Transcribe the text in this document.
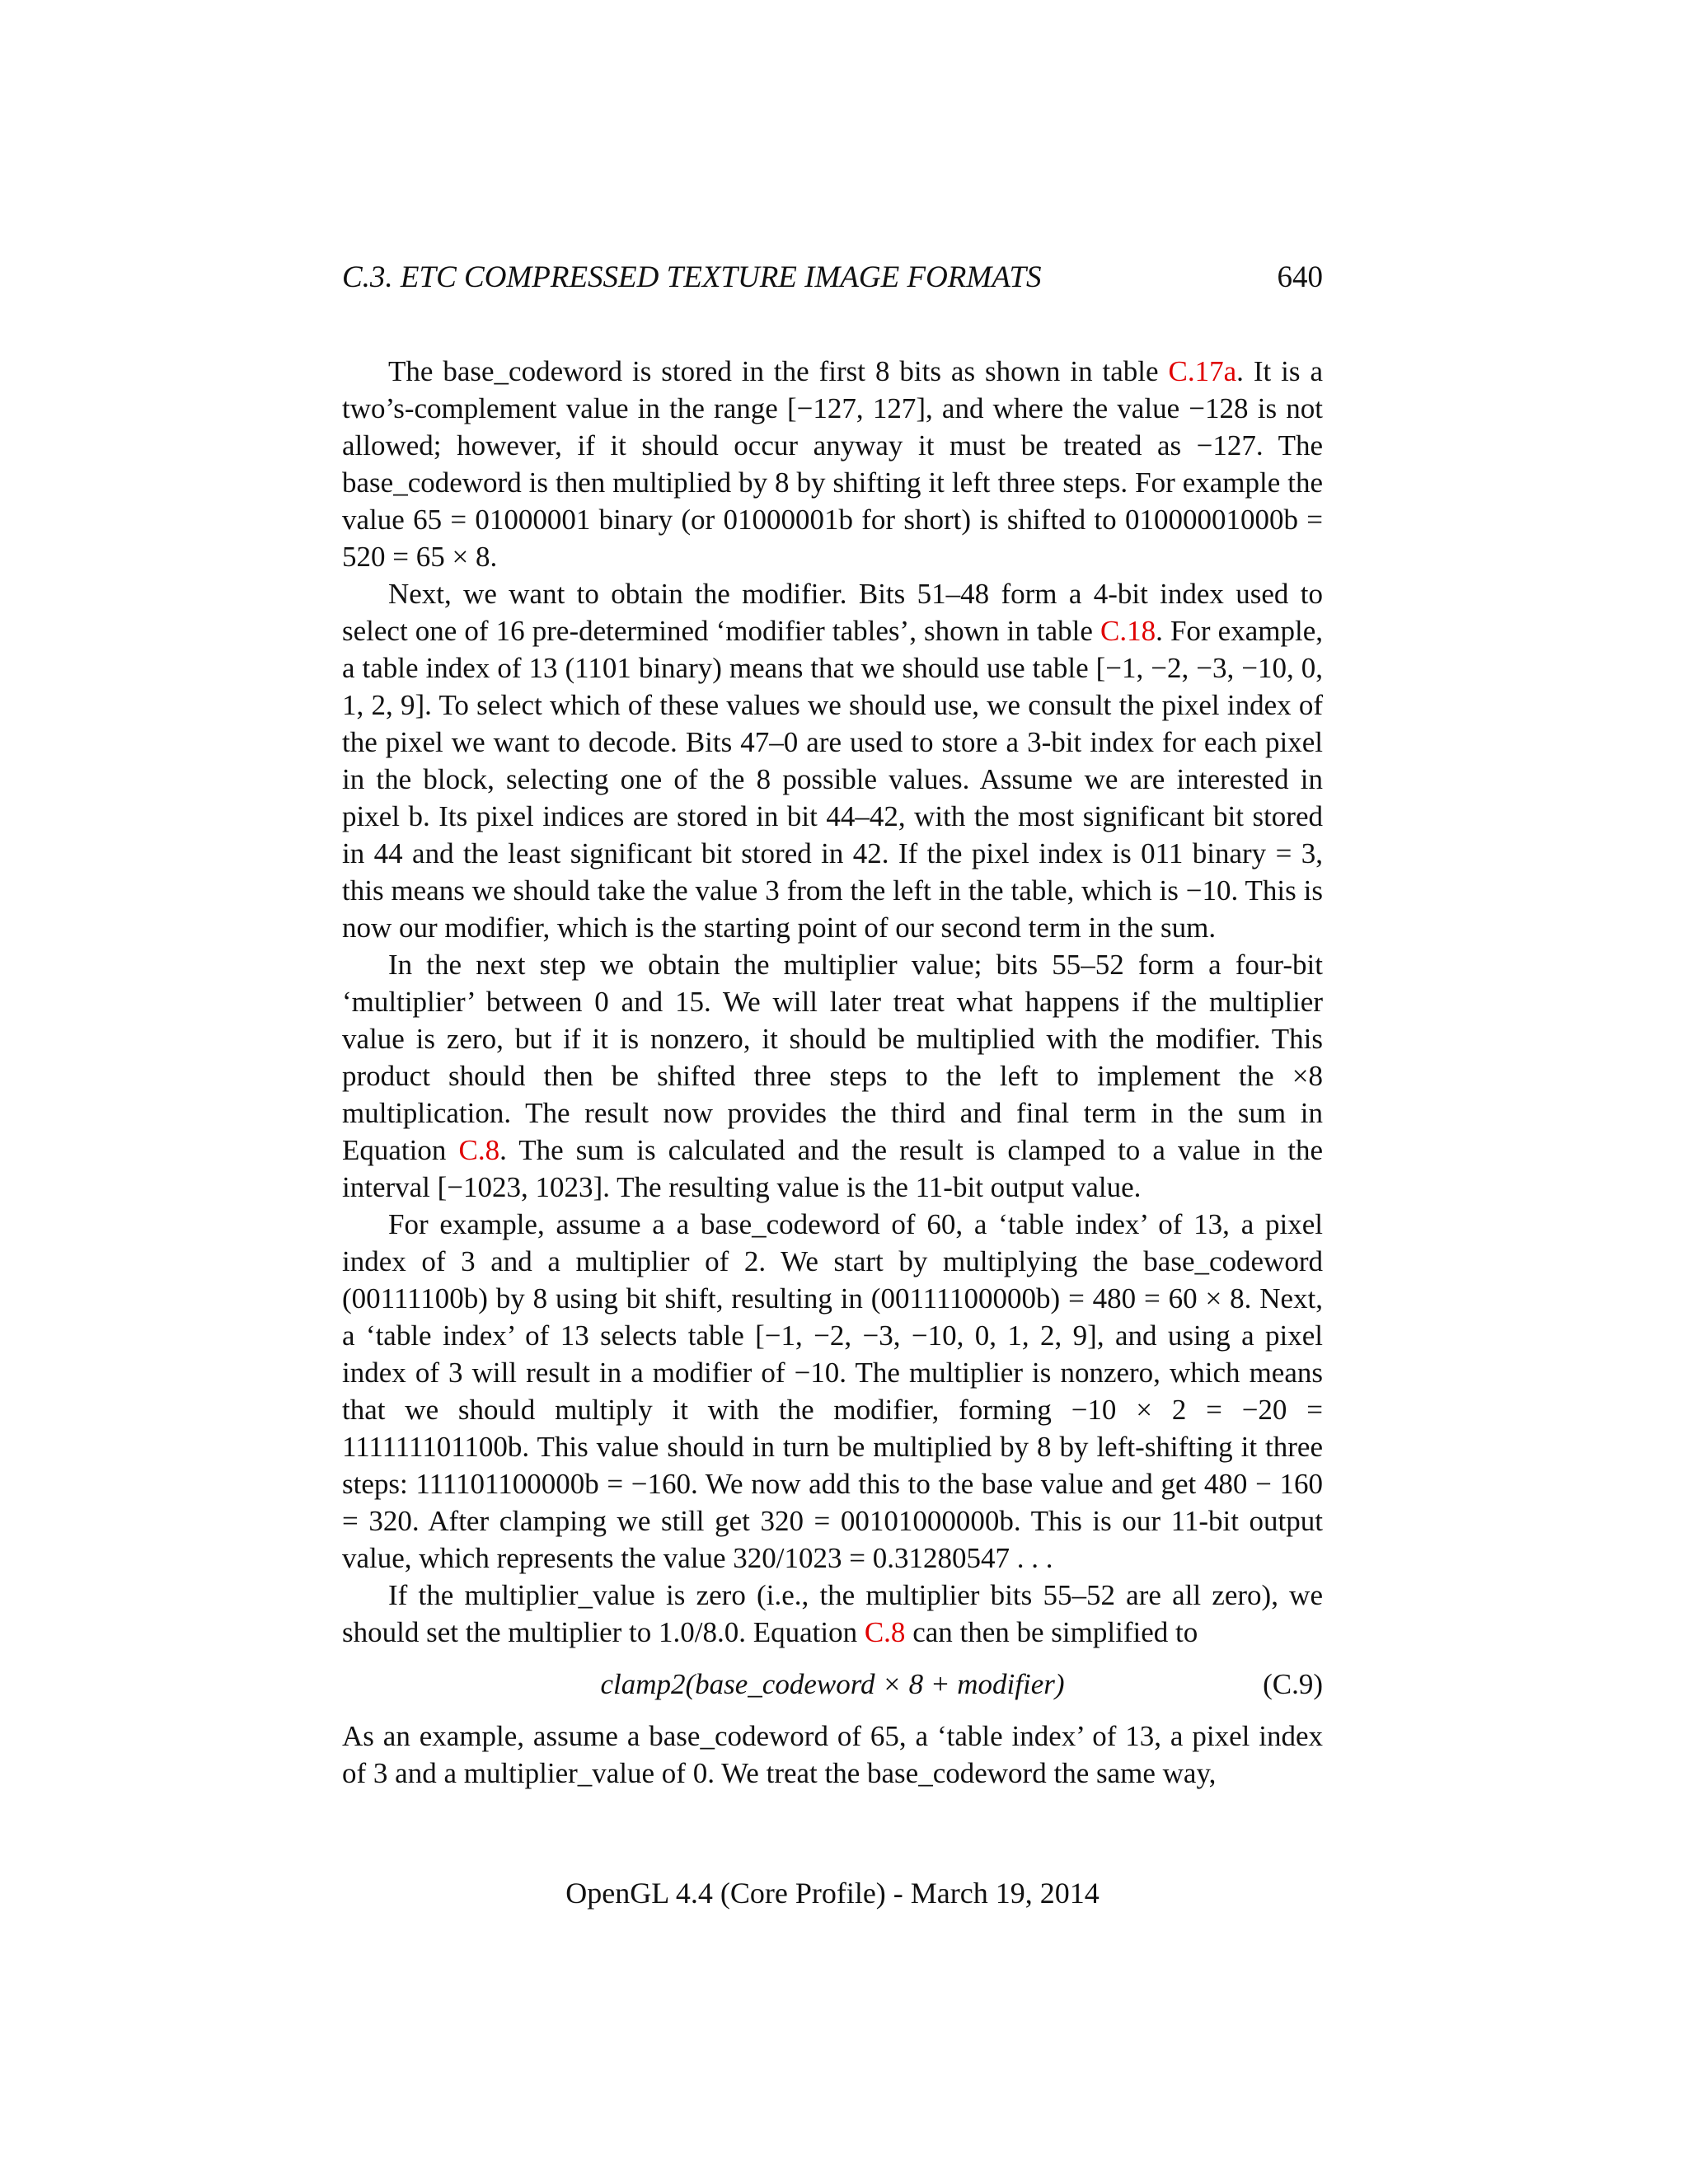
C.3. ETC COMPRESSED TEXTURE IMAGE FORMATS	640

The base_codeword is stored in the first 8 bits as shown in table C.17a. It is a two’s-complement value in the range [−127, 127], and where the value −128 is not allowed; however, if it should occur anyway it must be treated as −127. The base_codeword is then multiplied by 8 by shifting it left three steps. For example the value 65 = 01000001 binary (or 01000001b for short) is shifted to 01000001000b = 520 = 65 × 8.

Next, we want to obtain the modifier. Bits 51–48 form a 4-bit index used to select one of 16 pre-determined ‘modifier tables’, shown in table C.18. For example, a table index of 13 (1101 binary) means that we should use table [−1, −2, −3, −10, 0, 1, 2, 9]. To select which of these values we should use, we consult the pixel index of the pixel we want to decode. Bits 47–0 are used to store a 3-bit index for each pixel in the block, selecting one of the 8 possible values. Assume we are interested in pixel b. Its pixel indices are stored in bit 44–42, with the most significant bit stored in 44 and the least significant bit stored in 42. If the pixel index is 011 binary = 3, this means we should take the value 3 from the left in the table, which is −10. This is now our modifier, which is the starting point of our second term in the sum.

In the next step we obtain the multiplier value; bits 55–52 form a four-bit ‘multiplier’ between 0 and 15. We will later treat what happens if the multiplier value is zero, but if it is nonzero, it should be multiplied with the modifier. This product should then be shifted three steps to the left to implement the ×8 multiplication. The result now provides the third and final term in the sum in Equation C.8. The sum is calculated and the result is clamped to a value in the interval [−1023, 1023]. The resulting value is the 11-bit output value.

For example, assume a a base_codeword of 60, a ‘table index’ of 13, a pixel index of 3 and a multiplier of 2. We start by multiplying the base_codeword (00111100b) by 8 using bit shift, resulting in (00111100000b) = 480 = 60 × 8. Next, a ‘table index’ of 13 selects table [−1, −2, −3, −10, 0, 1, 2, 9], and using a pixel index of 3 will result in a modifier of −10. The multiplier is nonzero, which means that we should multiply it with the modifier, forming −10 × 2 = −20 = 111111101100b. This value should in turn be multiplied by 8 by left-shifting it three steps: 111101100000b = −160. We now add this to the base value and get 480 − 160 = 320. After clamping we still get 320 = 00101000000b. This is our 11-bit output value, which represents the value 320/1023 = 0.31280547 . . .

If the multiplier_value is zero (i.e., the multiplier bits 55–52 are all zero), we should set the multiplier to 1.0/8.0. Equation C.8 can then be simplified to

clamp2(base_codeword × 8 + modifier)	(C.9)

As an example, assume a base_codeword of 65, a ‘table index’ of 13, a pixel index of 3 and a multiplier_value of 0. We treat the base_codeword the same way,

OpenGL 4.4 (Core Profile) - March 19, 2014
